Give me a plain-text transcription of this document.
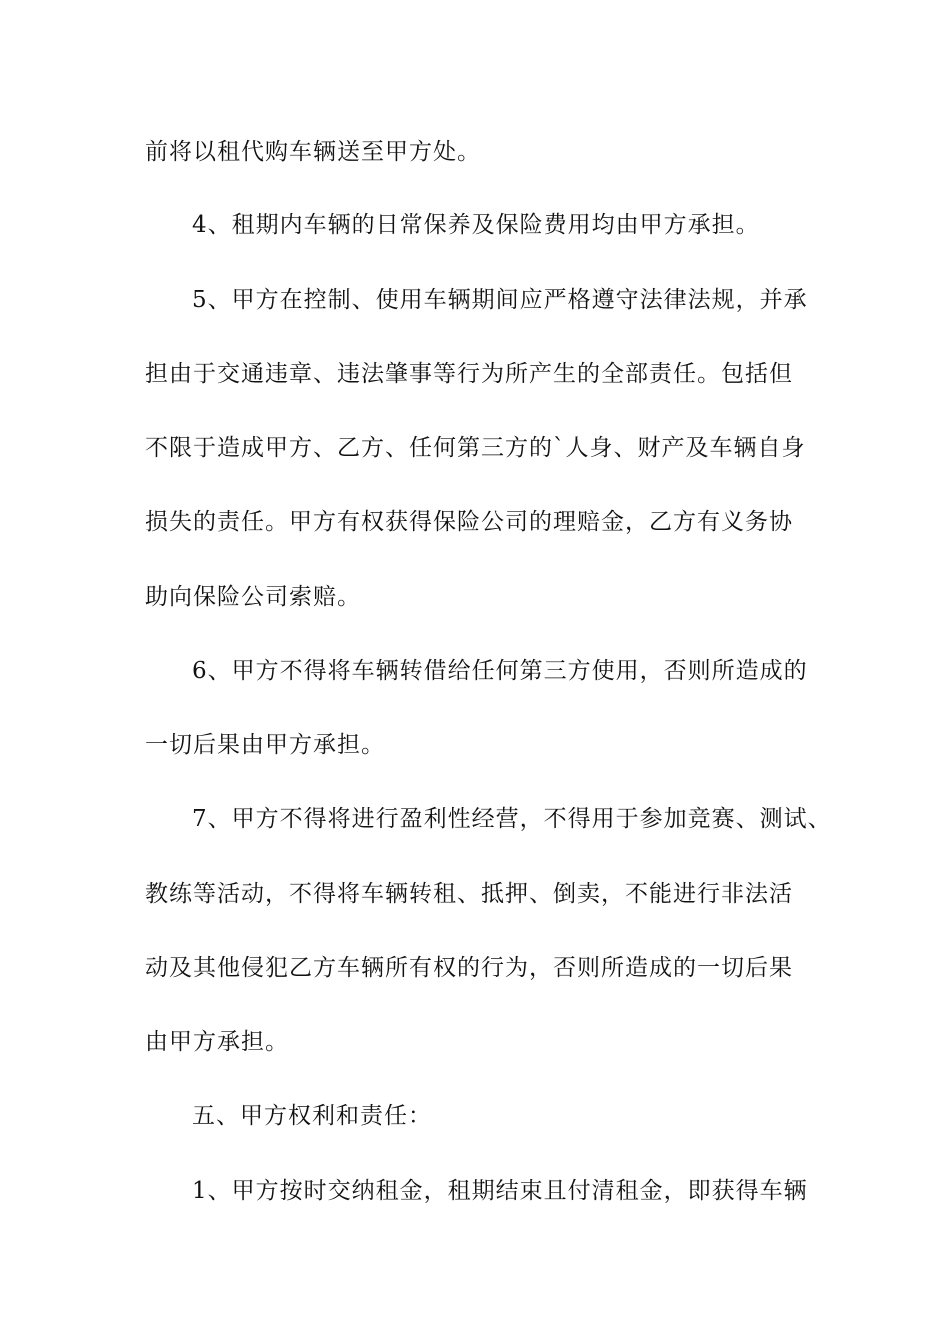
前将以租代购车辆送至甲方处。
4、租期内车辆的日常保养及保险费用均由甲方承担。
5、甲方在控制、使用车辆期间应严格遵守法律法规，并承
担由于交通违章、违法肇事等行为所产生的全部责任。包括但
不限于造成甲方、乙方、任何第三方的`人身、财产及车辆自身
损失的责任。甲方有权获得保险公司的理赔金，乙方有义务协
助向保险公司索赔。
6、甲方不得将车辆转借给任何第三方使用，否则所造成的
一切后果由甲方承担。
7、甲方不得将进行盈利性经营，不得用于参加竞赛、测试、
教练等活动，不得将车辆转租、抵押、倒卖，不能进行非法活
动及其他侵犯乙方车辆所有权的行为，否则所造成的一切后果
由甲方承担。
五、甲方权利和责任：
1、甲方按时交纳租金，租期结束且付清租金，即获得车辆
